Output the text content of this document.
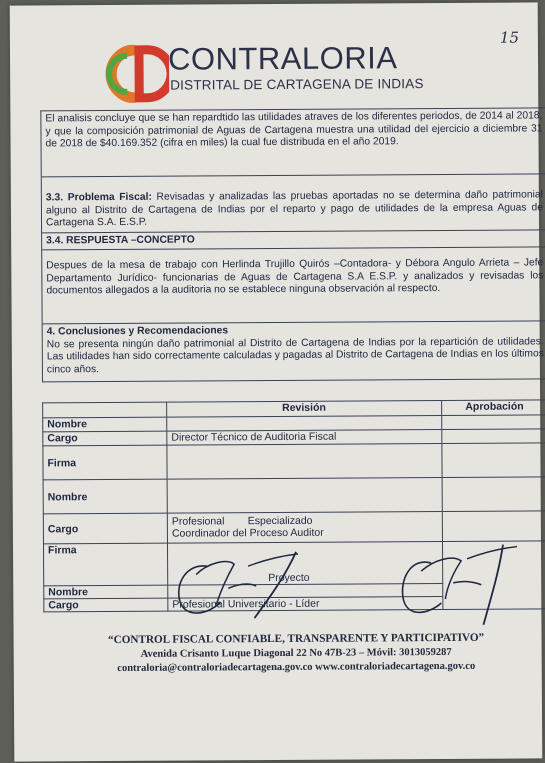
15
CONTRALORIA
DISTRITAL DE CARTAGENA DE INDIAS
El analisis concluye que se han repardtido las utilidades atraves de los diferentes periodos, de 2014 al 2018, y que la composición patrimonial de Aguas de Cartagena muestra una utilidad del ejercicio a diciembre 31 de 2018 de $40.169.352 (cifra en miles) la cual fue distribuda en el año 2019.
3.3. Problema Fiscal: Revisadas y analizadas las pruebas aportadas no se determina daño patrimonial alguno al Distrito de Cartagena de Indias por el reparto y pago de utilidades de la empresa Aguas de Cartagena S.A. E.S.P.
3.4. RESPUESTA –CONCEPTO
Despues de la mesa de trabajo con Herlinda Trujillo Quirós –Contadora- y Débora Angulo Arrieta – Jefe Departamento Jurídico- funcionarias de Aguas de Cartagena S.A E.S.P. y analizados y revisadas los documentos allegados a la auditoria no se establece ninguna observación al respecto.
4. Conclusiones y Recomendaciones
No se presenta ningún daño patrimonial al Distrito de Cartagena de Indias por la repartición de utilidades. Las utilidades han sido correctamente calculadas y pagadas al Distrito de Cartagena de Indias en los últimos cinco años.
	Revisión	Aprobación
Nombre		
Cargo	Director Técnico de Auditoria Fiscal	
Firma		
Nombre		
Cargo	Profesional        Especializado
Coordinador del Proceso Auditor	

Firma	Proyecto	
Nombre		
Cargo	Profesional Universitario - Líder	
“CONTROL FISCAL CONFIABLE, TRANSPARENTE Y PARTICIPATIVO”
Avenida Crisanto Luque Diagonal 22 No 47B-23 – Móvil: 3013059287
contraloria@contraloriadecartagena.gov.co www.contraloriadecartagena.gov.co
